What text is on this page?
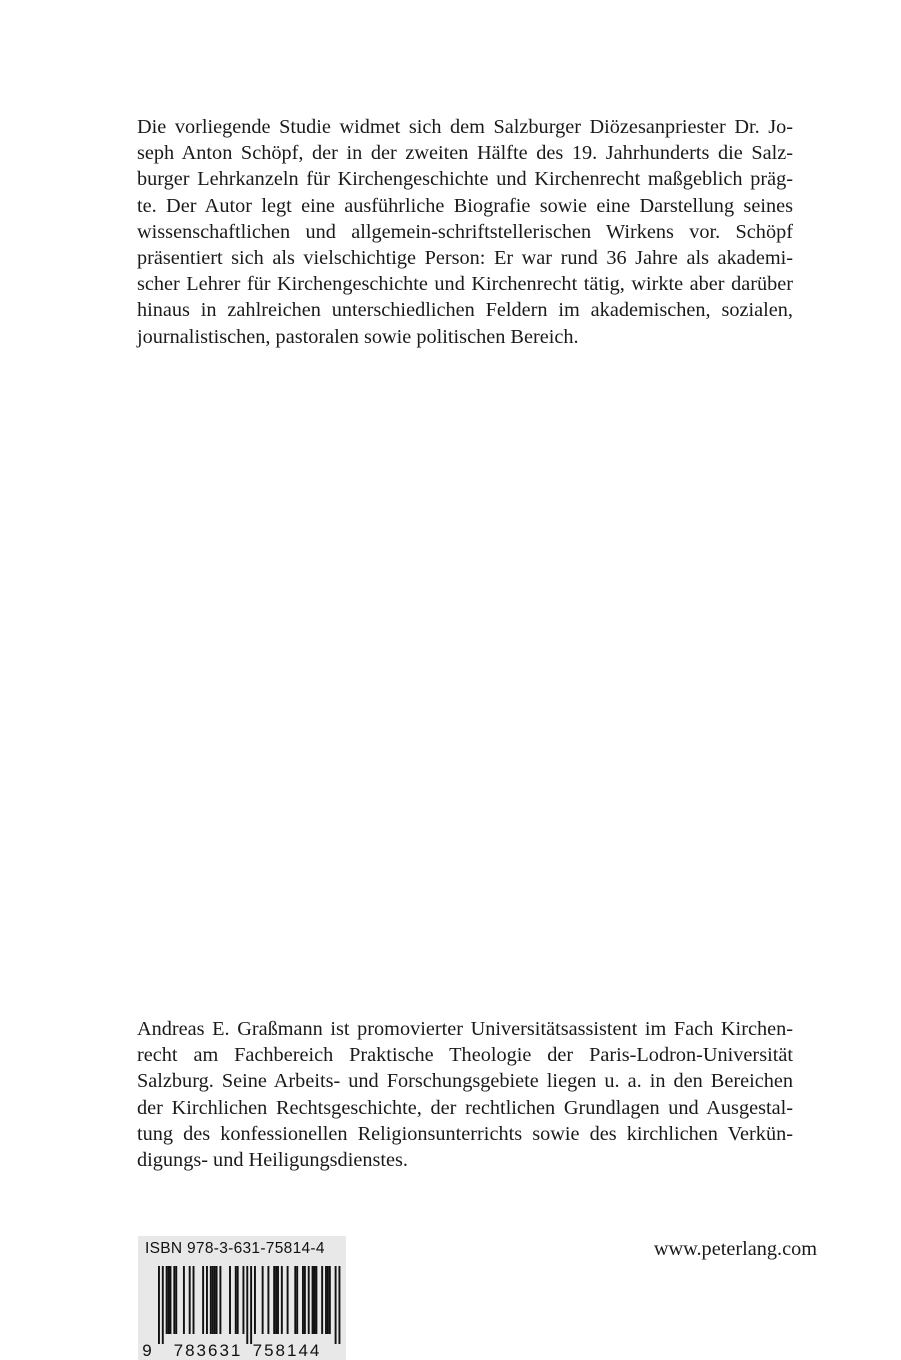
Die vorliegende Studie widmet sich dem Salzburger Diözesanpriester Dr. Jo-
seph Anton Schöpf, der in der zweiten Hälfte des 19. Jahrhunderts die Salz-
burger Lehrkanzeln für Kirchengeschichte und Kirchenrecht maßgeblich präg-
te. Der Autor legt eine ausführliche Biografie sowie eine Darstellung seines
wissenschaftlichen und allgemein-schriftstellerischen Wirkens vor. Schöpf
präsentiert sich als vielschichtige Person: Er war rund 36 Jahre als akademi-
scher Lehrer für Kirchengeschichte und Kirchenrecht tätig, wirkte aber darüber
hinaus in zahlreichen unterschiedlichen Feldern im akademischen, sozialen,
journalistischen, pastoralen sowie politischen Bereich.
Andreas E. Graßmann ist promovierter Universitätsassistent im Fach Kirchen-
recht am Fachbereich Praktische Theologie der Paris-Lodron-Universität
Salzburg. Seine Arbeits- und Forschungsgebiete liegen u. a. in den Bereichen
der Kirchlichen Rechtsgeschichte, der rechtlichen Grundlagen und Ausgestal-
tung des konfessionellen Religionsunterrichts sowie des kirchlichen Verkün-
digungs- und Heiligungsdienstes.
ISBN 978-3-631-75814-4
9 783631 758144
www.peterlang.com
